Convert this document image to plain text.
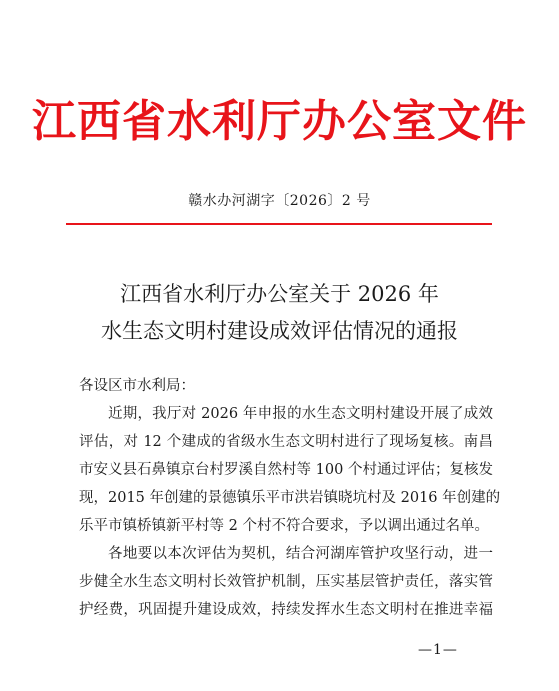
江西省水利厅办公室文件
赣水办河湖字〔2026〕2 号
江西省水利厅办公室关于 2026 年
水生态文明村建设成效评估情况的通报
各设区市水利局：
近期，我厅对 2026 年申报的水生态文明村建设开展了成效
评估，对 12 个建成的省级水生态文明村进行了现场复核。南昌
市安义县石鼻镇京台村罗溪自然村等 100 个村通过评估；复核发
现，2015 年创建的景德镇乐平市洪岩镇晓坑村及 2016 年创建的
乐平市镇桥镇新平村等 2 个村不符合要求，予以调出通过名单。
各地要以本次评估为契机，结合河湖库管护攻坚行动，进一
步健全水生态文明村长效管护机制，压实基层管护责任，落实管
护经费，巩固提升建设成效，持续发挥水生态文明村在推进幸福
—1—
